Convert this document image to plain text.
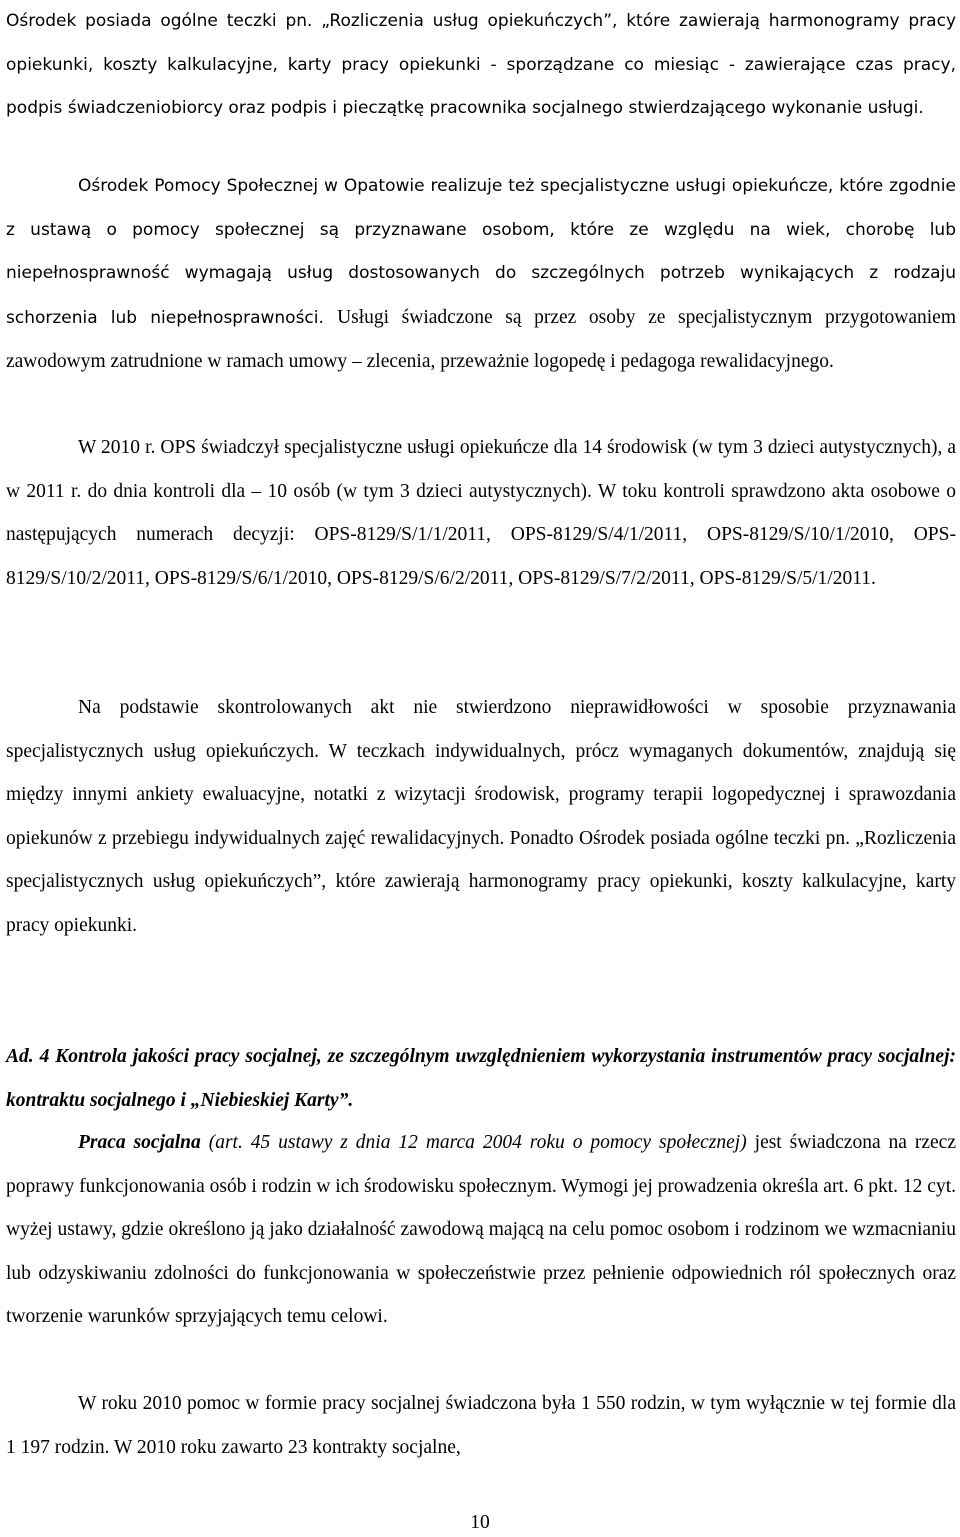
Ośrodek posiada ogólne teczki pn. „Rozliczenia usług opiekuńczych”, które zawierają harmonogramy pracy opiekunki, koszty kalkulacyjne, karty pracy opiekunki - sporządzane co miesiąc - zawierające czas pracy, podpis świadczeniobiorcy oraz podpis i pieczątkę pracownika socjalnego stwierdzającego wykonanie usługi.

Ośrodek Pomocy Społecznej w Opatowie realizuje też specjalistyczne usługi opiekuńcze, które zgodnie z ustawą o pomocy społecznej są przyznawane osobom, które ze względu na wiek, chorobę lub niepełnosprawność wymagają usług dostosowanych do szczególnych potrzeb wynikających z rodzaju schorzenia lub niepełnosprawności. Usługi świadczone są przez osoby ze specjalistycznym przygotowaniem zawodowym zatrudnione w ramach umowy – zlecenia, przeważnie logopedę i pedagoga rewalidacyjnego.

W 2010 r. OPS świadczył specjalistyczne usługi opiekuńcze dla 14 środowisk (w tym 3 dzieci autystycznych), a w 2011 r. do dnia kontroli dla – 10 osób (w tym 3 dzieci autystycznych). W toku kontroli sprawdzono akta osobowe o następujących numerach decyzji: OPS-8129/S/1/1/2011, OPS-8129/S/4/1/2011, OPS-8129/S/10/1/2010, OPS-8129/S/10/2/2011, OPS-8129/S/6/1/2010, OPS-8129/S/6/2/2011, OPS-8129/S/7/2/2011, OPS-8129/S/5/1/2011.

Na podstawie skontrolowanych akt nie stwierdzono nieprawidłowości w sposobie przyznawania specjalistycznych usług opiekuńczych. W teczkach indywidualnych, prócz wymaganych dokumentów, znajdują się między innymi ankiety ewaluacyjne, notatki z wizytacji środowisk, programy terapii logopedycznej i sprawozdania opiekunów z przebiegu indywidualnych zajęć rewalidacyjnych. Ponadto Ośrodek posiada ogólne teczki pn. „Rozliczenia specjalistycznych usług opiekuńczych”, które zawierają harmonogramy pracy opiekunki, koszty kalkulacyjne, karty pracy opiekunki.

Ad. 4 Kontrola jakości pracy socjalnej, ze szczególnym uwzględnieniem wykorzystania instrumentów pracy socjalnej: kontraktu socjalnego i „Niebieskiej Karty”.

Praca socjalna (art. 45 ustawy z dnia 12 marca 2004 roku o pomocy społecznej) jest świadczona na rzecz poprawy funkcjonowania osób i rodzin w ich środowisku społecznym. Wymogi jej prowadzenia określa art. 6 pkt. 12 cyt. wyżej ustawy, gdzie określono ją jako działalność zawodową mającą na celu pomoc osobom i rodzinom we wzmacnianiu lub odzyskiwaniu zdolności do funkcjonowania w społeczeństwie przez pełnienie odpowiednich ról społecznych oraz tworzenie warunków sprzyjających temu celowi.

W roku 2010 pomoc w formie pracy socjalnej świadczona była 1 550 rodzin, w tym wyłącznie w tej formie dla 1 197 rodzin. W 2010 roku zawarto 23 kontrakty socjalne,

10
